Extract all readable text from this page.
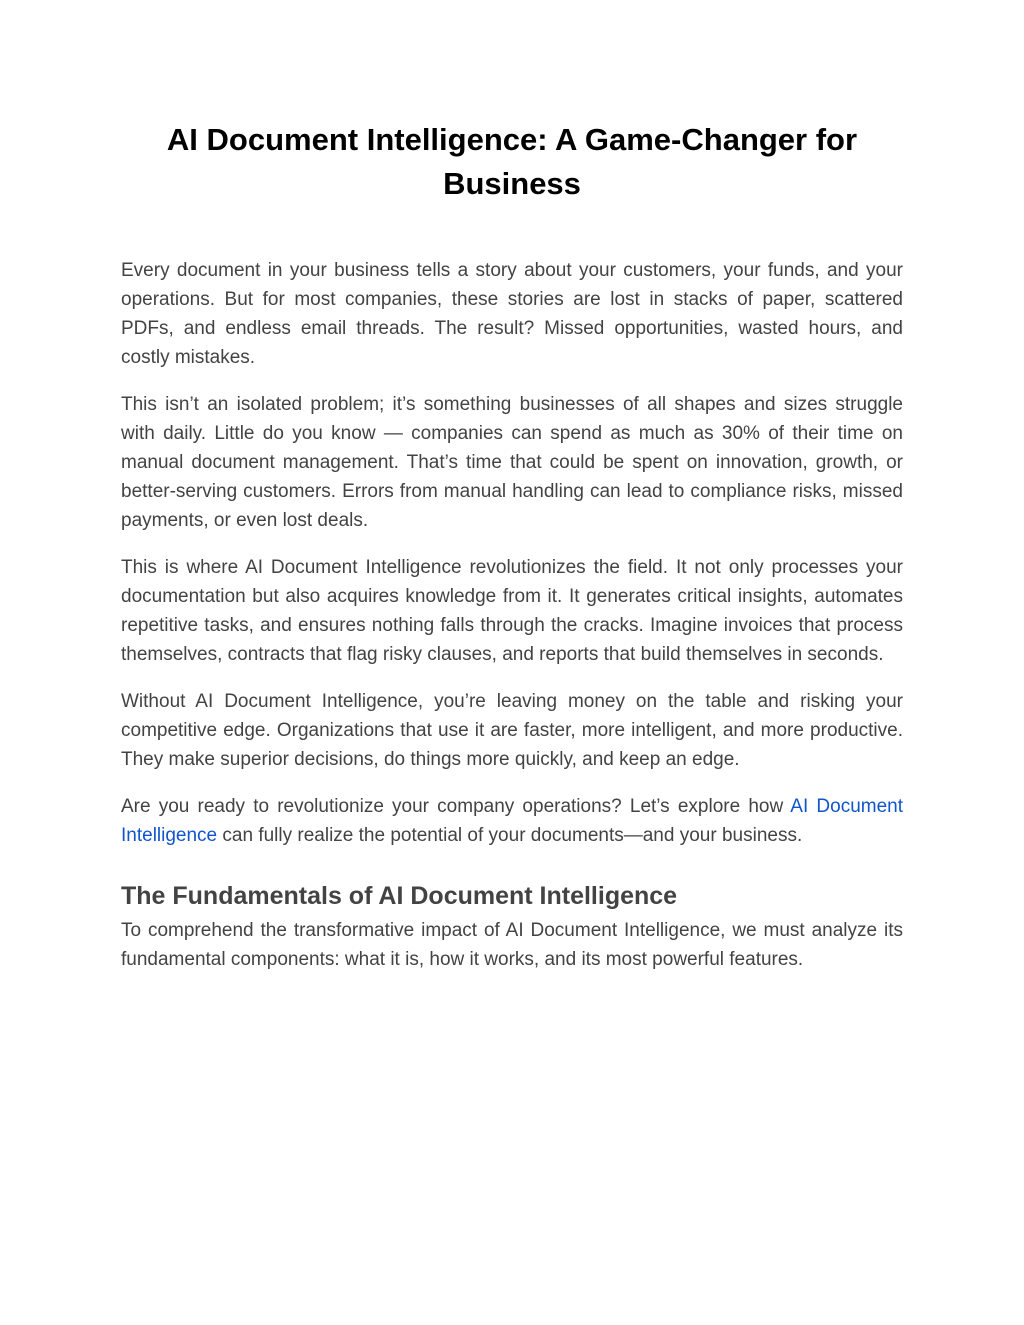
AI Document Intelligence: A Game-Changer for Business

Every document in your business tells a story about your customers, your funds, and your operations. But for most companies, these stories are lost in stacks of paper, scattered PDFs, and endless email threads. The result? Missed opportunities, wasted hours, and costly mistakes.

This isn’t an isolated problem; it’s something businesses of all shapes and sizes struggle with daily. Little do you know — companies can spend as much as 30% of their time on manual document management. That’s time that could be spent on innovation, growth, or better-serving customers. Errors from manual handling can lead to compliance risks, missed payments, or even lost deals.

This is where AI Document Intelligence revolutionizes the field. It not only processes your documentation but also acquires knowledge from it. It generates critical insights, automates repetitive tasks, and ensures nothing falls through the cracks. Imagine invoices that process themselves, contracts that flag risky clauses, and reports that build themselves in seconds.

Without AI Document Intelligence, you’re leaving money on the table and risking your competitive edge. Organizations that use it are faster, more intelligent, and more productive. They make superior decisions, do things more quickly, and keep an edge.

Are you ready to revolutionize your company operations? Let’s explore how AI Document Intelligence can fully realize the potential of your documents—and your business.

The Fundamentals of AI Document Intelligence

To comprehend the transformative impact of AI Document Intelligence, we must analyze its fundamental components: what it is, how it works, and its most powerful features.
